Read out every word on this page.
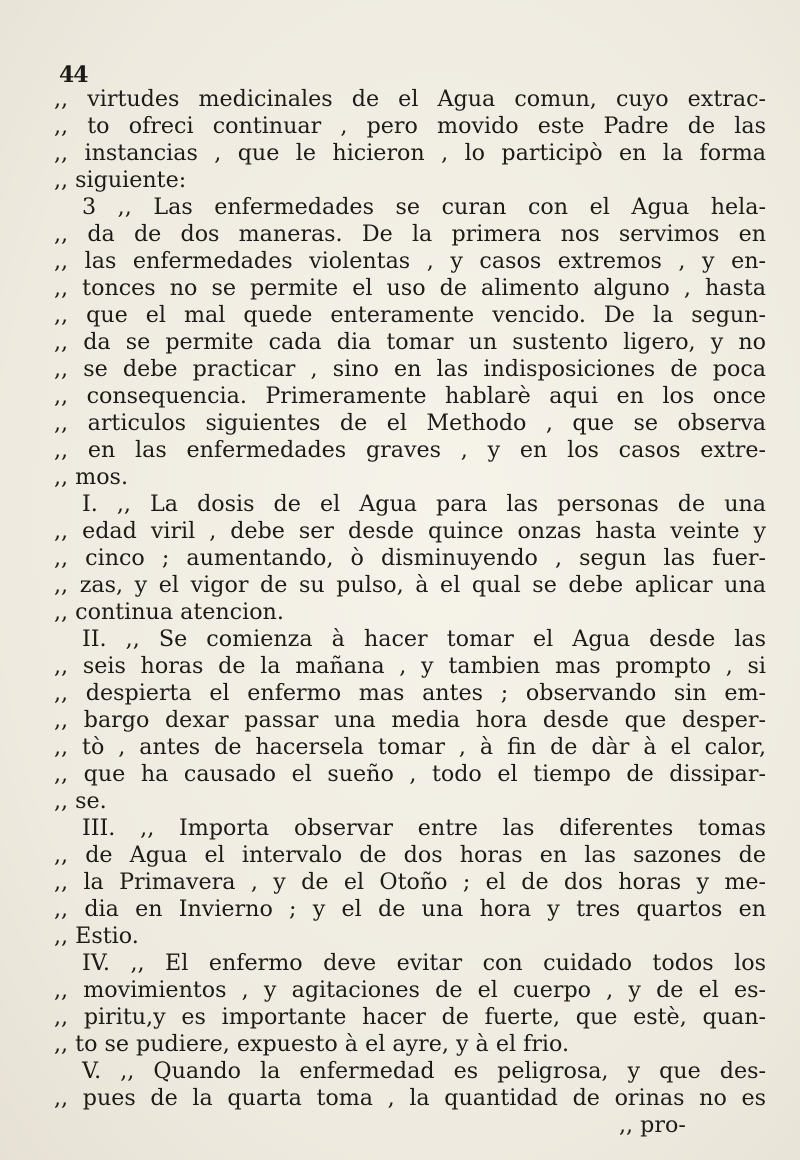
44
,, virtudes medicinales de el Agua comun, cuyo extrac-
,, to ofreci continuar , pero movido este Padre de las
,, instancias , que le hicieron , lo participò en la forma
,, siguiente:
3 ,, Las enfermedades se curan con el Agua hela-
,, da de dos maneras. De la primera nos servimos en
,, las enfermedades violentas , y casos extremos , y en-
,, tonces no se permite el uso de alimento alguno , hasta
,, que el mal quede enteramente vencido. De la segun-
,, da se permite cada dia tomar un sustento ligero, y no
,, se debe practicar , sino en las indisposiciones de poca
,, consequencia. Primeramente hablarè aqui en los once
,, articulos siguientes de el Methodo , que se observa
,, en las enfermedades graves , y en los casos extre-
,, mos.
I. ,, La dosis de el Agua para las personas de una
,, edad viril , debe ser desde quince onzas hasta veinte y
,, cinco ; aumentando, ò disminuyendo , segun las fuer-
,, zas, y el vigor de su pulso, à el qual se debe aplicar una
,, continua atencion.
II. ,, Se comienza à hacer tomar el Agua desde las
,, seis horas de la mañana , y tambien mas prompto , si
,, despierta el enfermo mas antes ; observando sin em-
,, bargo dexar passar una media hora desde que desper-
,, tò , antes de hacersela tomar , à fin de dàr à el calor,
,, que ha causado el sueño , todo el tiempo de dissipar-
,, se.
III. ,, Importa observar entre las diferentes tomas
,, de Agua el intervalo de dos horas en las sazones de
,, la Primavera , y de el Otoño ; el de dos horas y me-
,, dia en Invierno ; y el de una hora y tres quartos en
,, Estio.
IV. ,, El enfermo deve evitar con cuidado todos los
,, movimientos , y agitaciones de el cuerpo , y de el es-
,, piritu,y es importante hacer de fuerte, que estè, quan-
,, to se pudiere, expuesto à el ayre, y à el frio.
V. ,, Quando la enfermedad es peligrosa, y que des-
,, pues de la quarta toma , la quantidad de orinas no es
,, pro-
